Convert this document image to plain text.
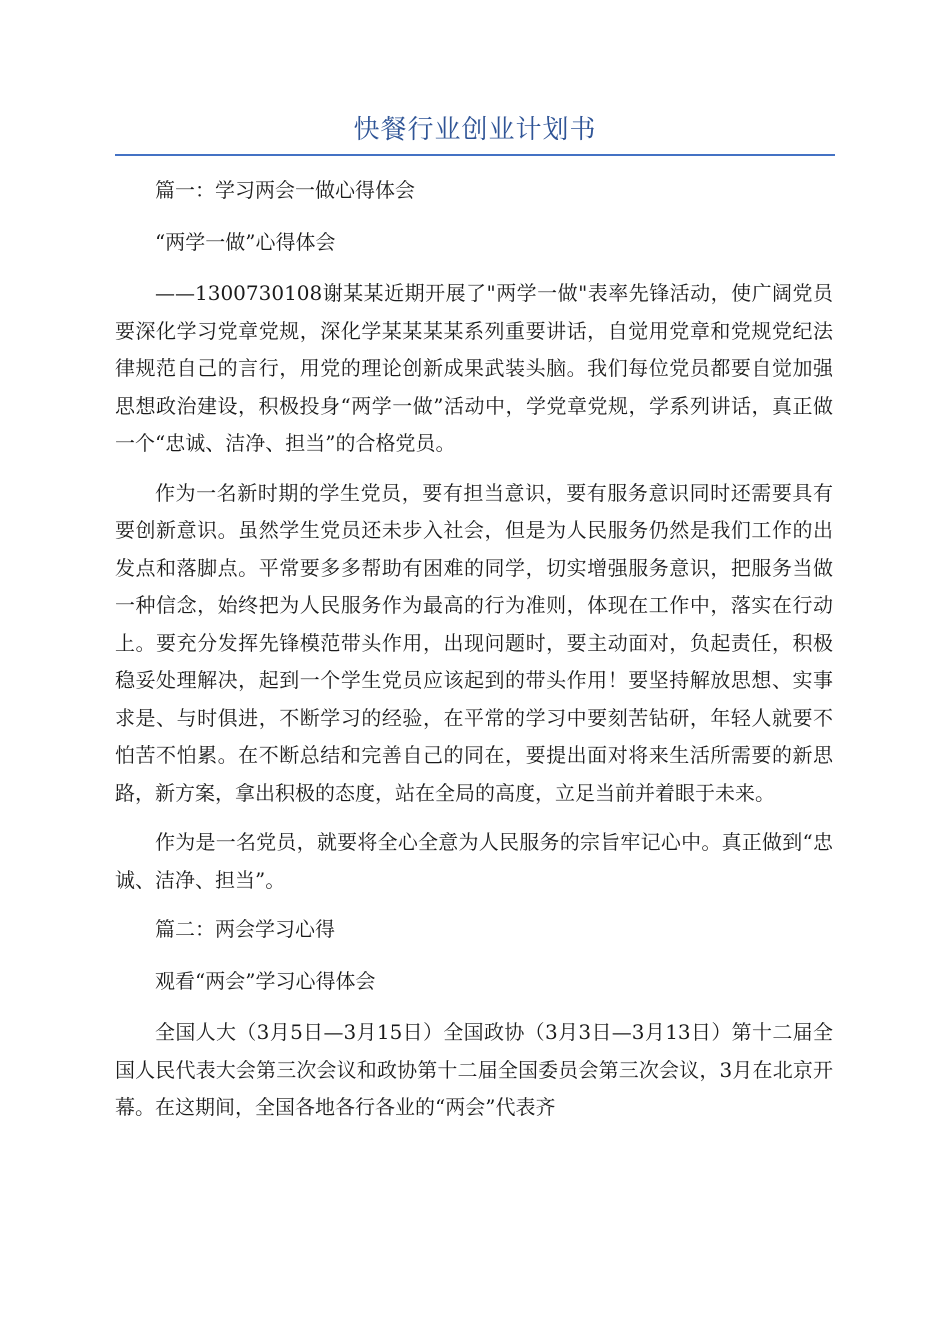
快餐行业创业计划书

篇一：学习两会一做心得体会

“两学一做”心得体会

——1300730108谢某某近期开展了"两学一做"表率先锋活动，使广阔党员要深化学习党章党规，深化学某某某某系列重要讲话，自觉用党章和党规党纪法律规范自己的言行，用党的理论创新成果武装头脑。我们每位党员都要自觉加强思想政治建设，积极投身“两学一做”活动中，学党章党规，学系列讲话，真正做一个“忠诚、洁净、担当”的合格党员。

作为一名新时期的学生党员，要有担当意识，要有服务意识同时还需要具有要创新意识。虽然学生党员还未步入社会，但是为人民服务仍然是我们工作的出发点和落脚点。平常要多多帮助有困难的同学，切实增强服务意识，把服务当做一种信念，始终把为人民服务作为最高的行为准则，体现在工作中，落实在行动上。要充分发挥先锋模范带头作用，出现问题时，要主动面对，负起责任，积极稳妥处理解决，起到一个学生党员应该起到的带头作用！要坚持解放思想、实事求是、与时俱进，不断学习的经验，在平常的学习中要刻苦钻研，年轻人就要不怕苦不怕累。在不断总结和完善自己的同在，要提出面对将来生活所需要的新思路，新方案，拿出积极的态度，站在全局的高度，立足当前并着眼于未来。

作为是一名党员，就要将全心全意为人民服务的宗旨牢记心中。真正做到“忠诚、洁净、担当”。

篇二：两会学习心得

观看“两会”学习心得体会

全国人大（3月5日—3月15日）全国政协（3月3日—3月13日）第十二届全国人民代表大会第三次会议和政协第十二届全国委员会第三次会议，3月在北京开幕。在这期间，全国各地各行各业的“两会”代表齐
